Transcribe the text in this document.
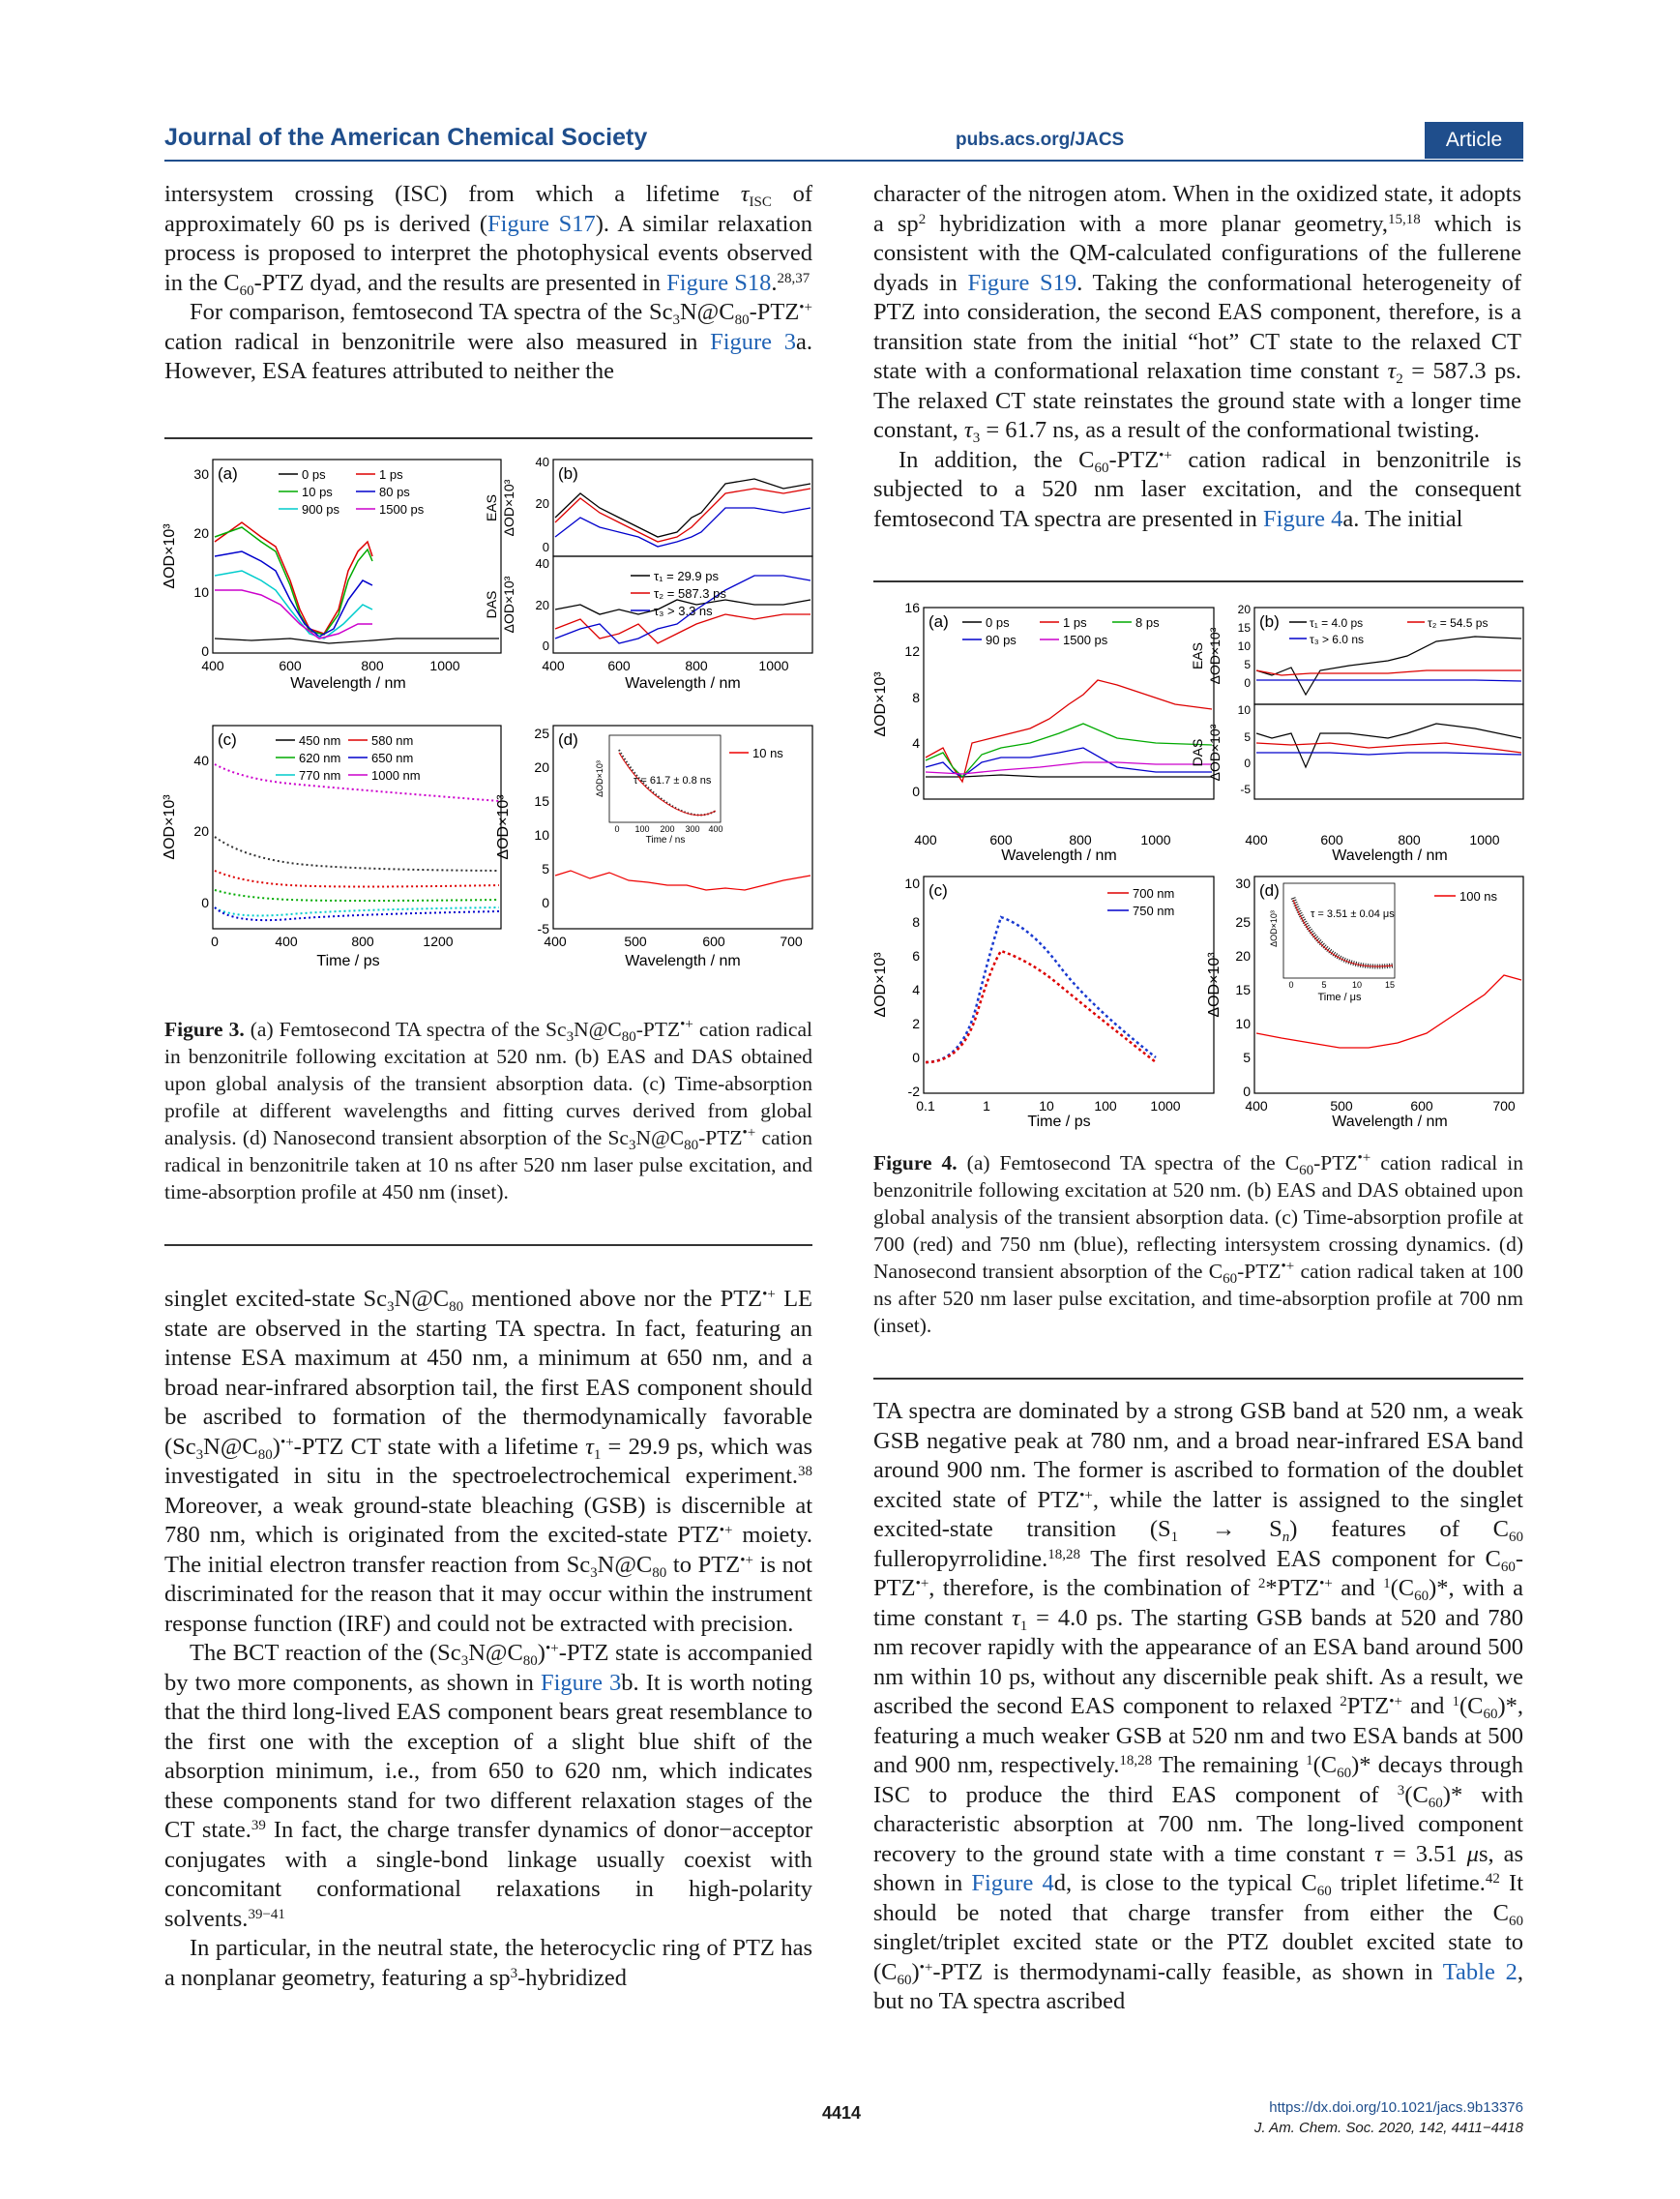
Journal of the American Chemical Society	pubs.acs.org/JACS	Article

intersystem crossing (ISC) from which a lifetime $\tau_{ISC}$ of approximately 60 ps is derived (Figure S17). A similar relaxation process is proposed to interpret the photophysical events observed in the $C_{60}$-PTZ dyad, and the results are presented in Figure S18.$^{28,37}$

For comparison, femtosecond TA spectra of the $Sc_3N@C_{80}-PTZ^{•+}$ cation radical in benzonitrile were also measured in Figure 3a. However, ESA features attributed to neither the

(a)
ΔOD×10³
0
10
20
30
400	600	800	1000
Wavelength / nm
0 ps	1 ps
10 ps	80 ps
900 ps	1500 ps
(b)
EAS ΔOD×10³
DAS ΔOD×10³
40
20
0
40
20
0
400	600	800	1000
Wavelength / nm
τ₁ = 29.9 ps
τ₂ = 587.3 ps
τ₃ > 3.3 ns
(c)
ΔOD×10³
0
20
40
0	400	800	1200
Time / ps
450 nm 580 nm
620 nm 650 nm
770 nm 1000 nm
(d)
ΔOD×10³
-5
0
5
10
15
20
25
400	500	600	700
Wavelength / nm
10 ns
τ = 61.7 ± 0.8 ns
ΔOD×10³
0 100 200 300 400
Time / ns
Figure 3. (a) Femtosecond TA spectra of the $Sc_3N@C_{80}-PTZ^{•+}$ cation radical in benzonitrile following excitation at 520 nm. (b) EAS and DAS obtained upon global analysis of the transient absorption data. (c) Time-absorption profile at different wavelengths and fitting curves derived from global analysis. (d) Nanosecond transient absorption of the $Sc_3N@C_{80}-PTZ^{•+}$ cation radical in benzonitrile taken at 10 ns after 520 nm laser pulse excitation, and time-absorption profile at 450 nm (inset).

singlet excited-state $Sc_3N@C_{80}$ mentioned above nor the PTZ•+ LE state are observed in the starting TA spectra. In fact, featuring an intense ESA maximum at 450 nm, a minimum at 650 nm, and a broad near-infrared absorption tail, the first EAS component should be ascribed to formation of the thermodynamically favorable $(Sc_3N@C_{80})^{•+}$-PTZ CT state with a lifetime $\tau_1 = 29.9$ ps, which was investigated in situ in the spectroelectrochemical experiment.$^{38}$ Moreover, a weak ground-state bleaching (GSB) is discernible at 780 nm, which is originated from the excited-state PTZ•+ moiety. The initial electron transfer reaction from $Sc_3N@C_{80}$ to PTZ•+ is not discriminated for the reason that it may occur within the instrument response function (IRF) and could not be extracted with precision.

The BCT reaction of the $(Sc_3N@C_{80})^{•+}$-PTZ state is accompanied by two more components, as shown in Figure 3b. It is worth noting that the third long-lived EAS component bears great resemblance to the first one with the exception of a slight blue shift of the absorption minimum, i.e., from 650 to 620 nm, which indicates these components stand for two different relaxation stages of the CT state.$^{39}$ In fact, the charge transfer dynamics of donor−acceptor conjugates with a single-bond linkage usually coexist with concomitant conformational relaxations in high-polarity solvents.$^{39-41}$

In particular, in the neutral state, the heterocyclic ring of PTZ has a nonplanar geometry, featuring a $sp^3$-hybridized

character of the nitrogen atom. When in the oxidized state, it adopts a $sp^2$ hybridization with a more planar geometry,$^{15,18}$ which is consistent with the QM-calculated configurations of the fullerene dyads in Figure S19. Taking the conformational heterogeneity of PTZ into consideration, the second EAS component, therefore, is a transition state from the initial “hot” CT state to the relaxed CT state with a conformational relaxation time constant $\tau_2 = 587.3$ ps. The relaxed CT state reinstates the ground state with a longer time constant, $\tau_3 = 61.7$ ns, as a result of the conformational twisting.

In addition, the $C_{60}-PTZ^{•+}$ cation radical in benzonitrile is subjected to a 520 nm laser excitation, and the consequent femtosecond TA spectra are presented in Figure 4a. The initial

(a)
ΔOD×10³
0
4
8
12
16
400	600	800	1000
Wavelength / nm
0 ps	1 ps	8 ps
90 ps	1500 ps
(b)
EAS ΔOD×10³
DAS ΔOD×10³
20
15
10
5
0
10
5
0
-5
400	600	800	1000
Wavelength / nm
τ₁ = 4.0 ps	τ₂ = 54.5 ps
τ₃ > 6.0 ns
(c)
ΔOD×10³
-2
0
2
4
6
8
10
0.1	1	10	100 1000
Time / ps
700 nm
750 nm
(d)
ΔOD×10³
0
5
10
15
20
25
30
400	500	600	700
Wavelength / nm
100 ns
τ = 3.51 ± 0.04 μs
ΔOD×10³
0	5	10	15
Time / μs
Figure 4. (a) Femtosecond TA spectra of the $C_{60}-PTZ^{•+}$ cation radical in benzonitrile following excitation at 520 nm. (b) EAS and DAS obtained upon global analysis of the transient absorption data. (c) Time-absorption profile at 700 (red) and 750 nm (blue), reflecting intersystem crossing dynamics. (d) Nanosecond transient absorption of the $C_{60}-PTZ^{•+}$ cation radical taken at 100 ns after 520 nm laser pulse excitation, and time-absorption profile at 700 nm (inset).

TA spectra are dominated by a strong GSB band at 520 nm, a weak GSB negative peak at 780 nm, and a broad near-infrared ESA band around 900 nm. The former is ascribed to formation of the doublet excited state of PTZ•+, while the latter is assigned to the singlet excited-state transition $(S_1 \to S_n)$ features of $C_{60}$ fulleropyrrolidine.$^{18,28}$ The first resolved EAS component for $C_{60}-PTZ^{•+}$, therefore, is the combination of $^2$*PTZ•+ and $^1(C_{60})*$, with a time constant $\tau_1 = 4.0$ ps. The starting GSB bands at 520 and 780 nm recover rapidly with the appearance of an ESA band around 500 nm within 10 ps, without any discernible peak shift. As a result, we ascribed the second EAS component to relaxed $^2$PTZ•+ and $^1(C_{60})*$, featuring a much weaker GSB at 520 nm and two ESA bands at 500 and 900 nm, respectively.$^{18,28}$ The remaining $^1(C_{60})*$ decays through ISC to produce the third EAS component of $^3(C_{60})*$ with characteristic absorption at 700 nm. The long-lived component recovery to the ground state with a time constant τ = 3.51 μs, as shown in Figure 4d, is close to the typical $C_{60}$ triplet lifetime.$^{42}$ It should be noted that charge transfer from either the $C_{60}$ singlet/triplet excited state or the PTZ doublet excited state to $(C_{60})^{•+}$-PTZ is thermodynami-cally feasible, as shown in Table 2, but no TA spectra ascribed

4414	https://dx.doi.org/10.1021/jacs.9b13376
J. Am. Chem. Soc. 2020, 142, 4411−4418
